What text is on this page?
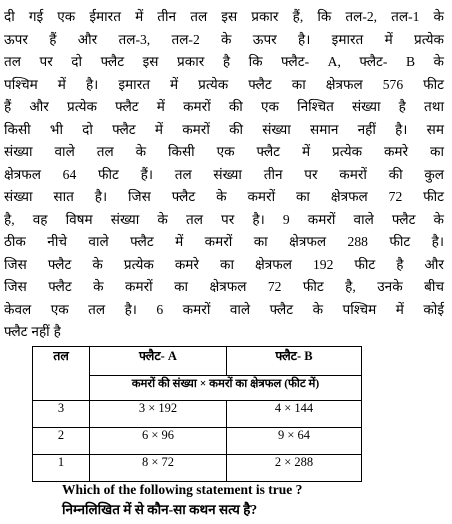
दी गई एक ईमारत में तीन तल इस प्रकार हैं, कि तल-2, तल-1 के
ऊपर हैं और तल-3, तल-2 के ऊपर है। इमारत में प्रत्येक
तल पर दो फ्लैट इस प्रकार है कि फ्लैट- A, फ्लैट- B के
पश्चिम में है। इमारत में प्रत्येक फ्लैट का क्षेत्रफल 576 फीट
हैं और प्रत्येक फ्लैट में कमरों की एक निश्चित संख्या है तथा
किसी भी दो फ्लैट में कमरों की संख्या समान नहीं है। सम
संख्या वाले तल के किसी एक फ्लैट में प्रत्येक कमरे का
क्षेत्रफल 64 फीट हैं। तल संख्या तीन पर कमरों की कुल
संख्या सात है। जिस फ्लैट के कमरों का क्षेत्रफल 72 फीट
है, वह विषम संख्या के तल पर है। 9 कमरों वाले फ्लैट के
ठीक नीचे वाले फ्लैट में कमरों का क्षेत्रफल 288 फीट है।
जिस फ्लैट के प्रत्येक कमरे का क्षेत्रफल 192 फीट है और
जिस फ्लैट के कमरों का क्षेत्रफल 72 फीट है, उनके बीच
केवल एक तल है। 6 कमरों वाले फ्लैट के पश्चिम में कोई
फ्लैट नहीं है
तल	फ्लैट- A	फ्लैट- B
	कमरों की संख्या × कमरों का क्षेत्रफल (फीट में)	
3	3 × 192	4 × 144
2	6 × 96	9 × 64
1	8 × 72	2 × 288
Which of the following statement is true ?
निम्नलिखित में से कौन-सा कथन सत्य है?
